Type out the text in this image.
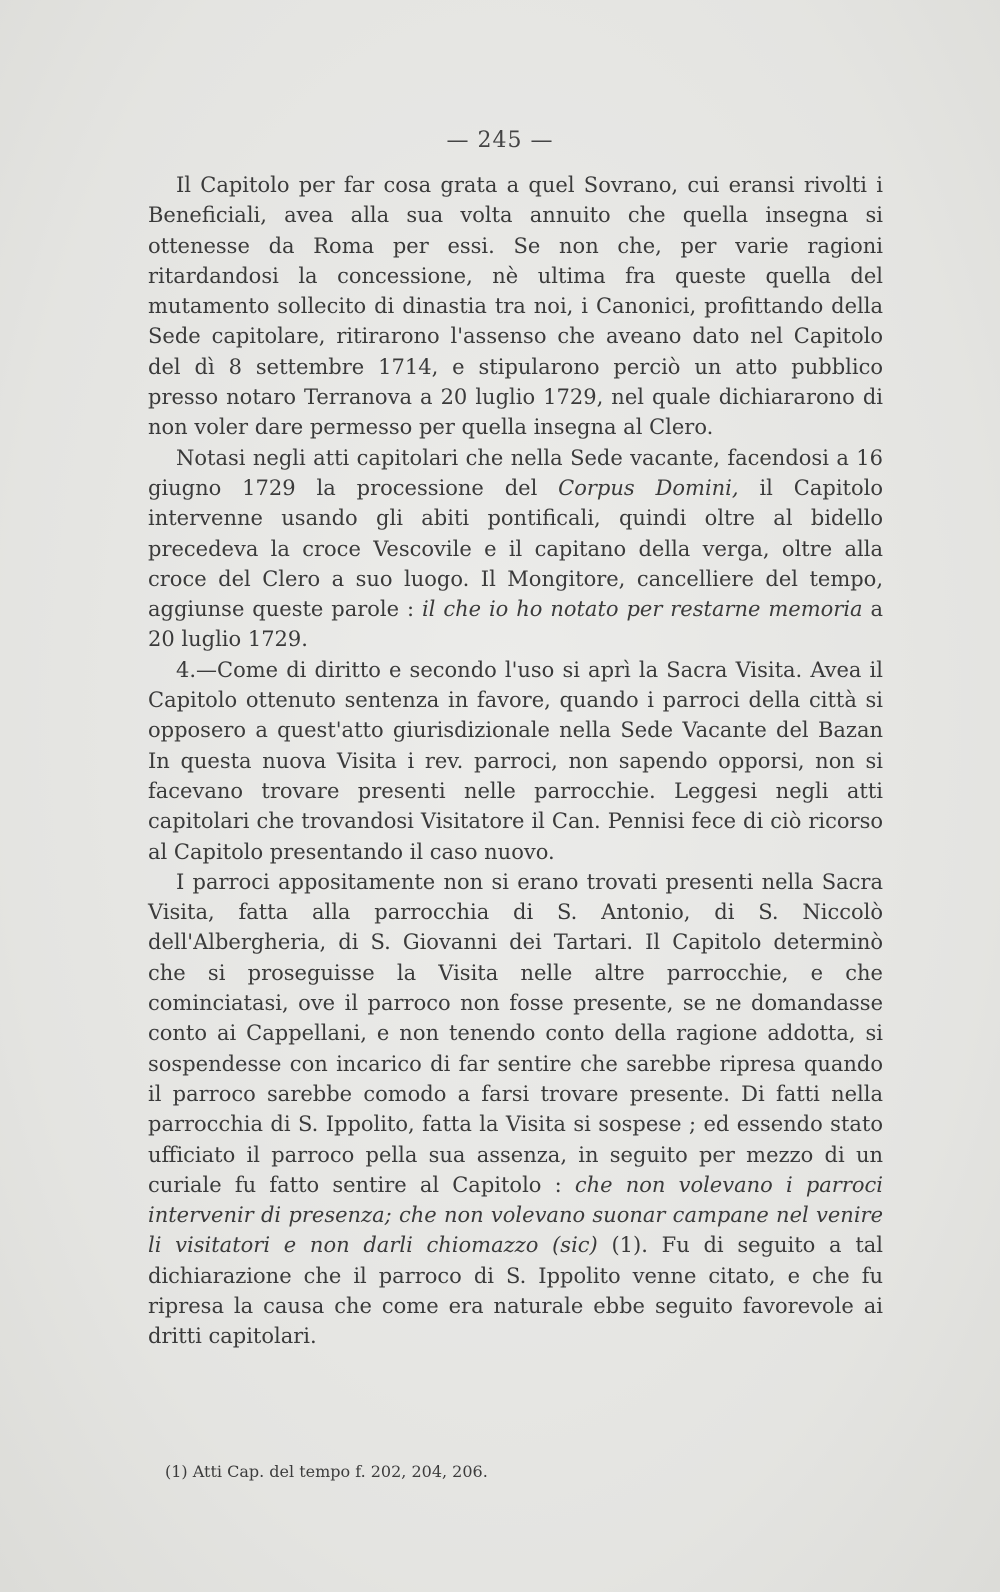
— 245 —

Il Capitolo per far cosa grata a quel Sovrano, cui eransi rivolti i Beneficiali, avea alla sua volta annuito che quella insegna si ottenesse da Roma per essi. Se non che, per varie ragioni ritardandosi la concessione, nè ultima fra queste quella del mutamento sollecito di dinastia tra noi, i Canonici, profittando della Sede capitolare, ritirarono l'assenso che aveano dato nel Capitolo del dì 8 settembre 1714, e stipularono perciò un atto pubblico presso notaro Terranova a 20 luglio 1729, nel quale dichiararono di non voler dare permesso per quella insegna al Clero.

Notasi negli atti capitolari che nella Sede vacante, facendosi a 16 giugno 1729 la processione del Corpus Domini, il Capitolo intervenne usando gli abiti pontificali, quindi oltre al bidello precedeva la croce Vescovile e il capitano della verga, oltre alla croce del Clero a suo luogo. Il Mongitore, cancelliere del tempo, aggiunse queste parole : il che io ho notato per restarne memoria a 20 luglio 1729.

4.—Come di diritto e secondo l'uso si aprì la Sacra Visita. Avea il Capitolo ottenuto sentenza in favore, quando i parroci della città si opposero a quest'atto giurisdizionale nella Sede Vacante del Bazan In questa nuova Visita i rev. parroci, non sapendo opporsi, non si facevano trovare presenti nelle parrocchie. Leggesi negli atti capitolari che trovandosi Visitatore il Can. Pennisi fece di ciò ricorso al Capitolo presentando il caso nuovo.

I parroci appositamente non si erano trovati presenti nella Sacra Visita, fatta alla parrocchia di S. Antonio, di S. Niccolò dell'Albergheria, di S. Giovanni dei Tartari. Il Capitolo determinò che si proseguisse la Visita nelle altre parrocchie, e che cominciatasi, ove il parroco non fosse presente, se ne domandasse conto ai Cappellani, e non tenendo conto della ragione addotta, si sospendesse con incarico di far sentire che sarebbe ripresa quando il parroco sarebbe comodo a farsi trovare presente. Di fatti nella parrocchia di S. Ippolito, fatta la Visita si sospese ; ed essendo stato ufficiato il parroco pella sua assenza, in seguito per mezzo di un curiale fu fatto sentire al Capitolo : che non volevano i parroci intervenir di presenza; che non volevano suonar campane nel venire li visitatori e non darli chiomazzo (sic) (1). Fu di seguito a tal dichiarazione che il parroco di S. Ippolito venne citato, e che fu ripresa la causa che come era naturale ebbe seguito favorevole ai dritti capitolari.

(1) Atti Cap. del tempo f. 202, 204, 206.
